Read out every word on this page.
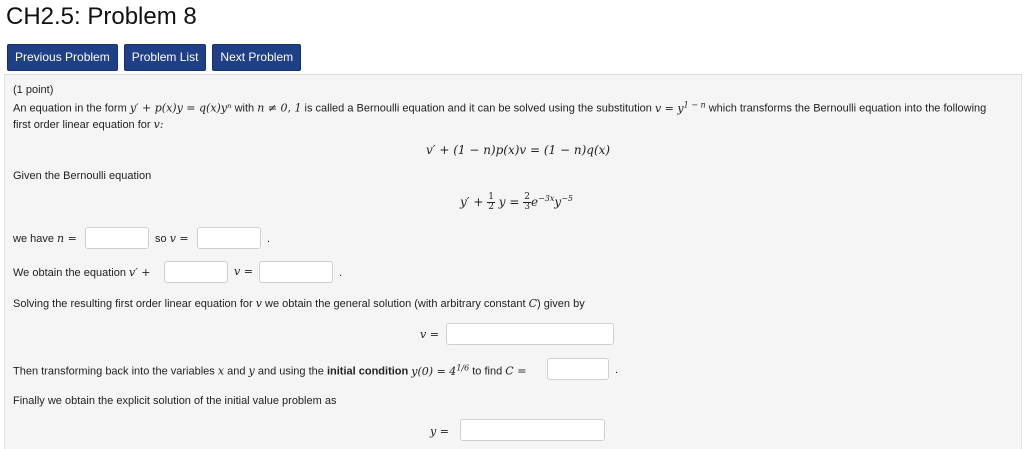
CH2.5: Problem 8
Previous Problem	Problem List	Next Problem
(1 point)
An equation in the form y′ + p(x)y = q(x)yⁿ with n ≠ 0, 1 is called a Bernoulli equation and it can be solved using the substitution $v = y^{1 - n}$ which transforms the Bernoulli equation into the following
first order linear equation for v:
v′ + (1 − n)p(x)v = (1 − n)q(x)
Given the Bernoulli equation
$y' + \frac{1}{2}$ $y = \frac{2}{3} e^{-3x}y^{-5}$
we have n =	so v =	.
We obtain the equation v′ +	v =	.
Solving the resulting first order linear equation for v we obtain the general solution (with arbitrary constant C) given by
v =
Then transforming back into the variables x and y and using the initial condition $y(0) = 4^{1/6}$ to find C =	.
Finally we obtain the explicit solution of the initial value problem as
y =
